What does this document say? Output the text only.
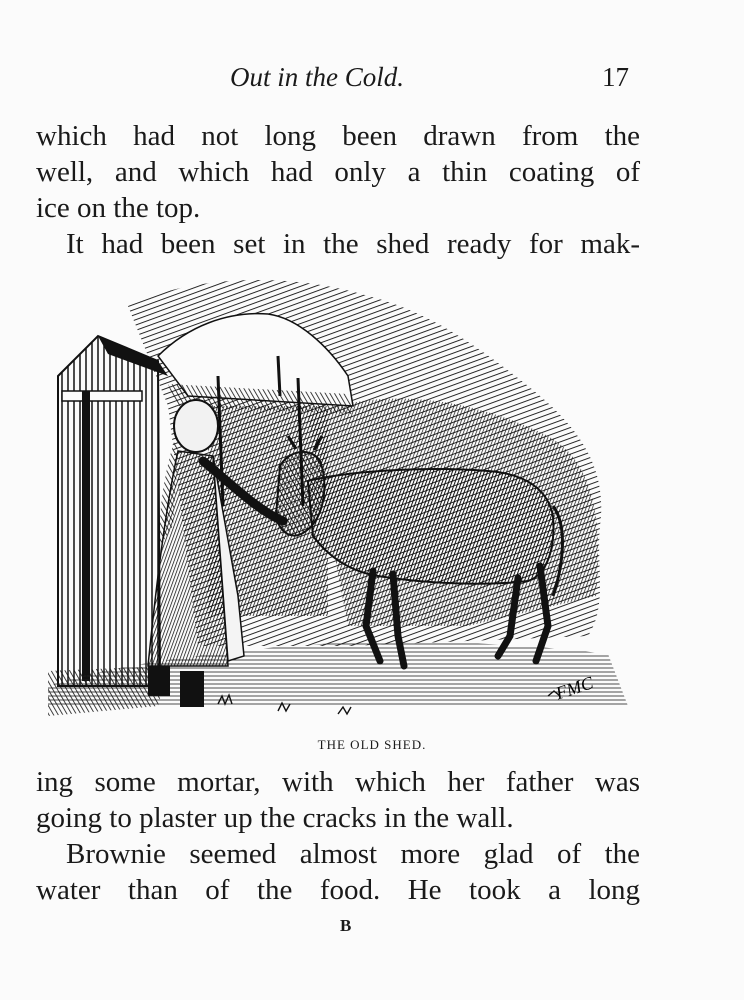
Out in the Cold.	17
which had not long been drawn from the
well, and which had only a thin coating of
ice on the top.
It had been set in the shed ready for mak-
FMC
THE OLD SHED.
ing some mortar, with which her father was
going to plaster up the cracks in the wall.
Brownie seemed almost more glad of the
water than of the food. He took a long
B
